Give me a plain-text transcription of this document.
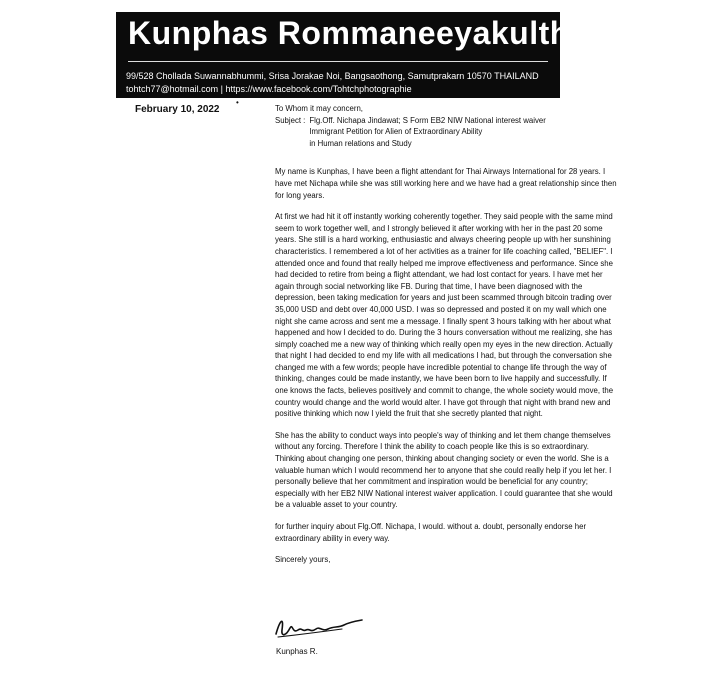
Kunphas Rommaneeyakulthanes
99/528 Chollada Suwannabhummi, Srisa Jorakae Noi, Bangsaothong, Samutprakarn 10570 THAILAND
tohtch77@hotmail.com | https://www.facebook.com/Tohtchphotographie
February 10, 2022
•

To Whom it may concern,

Subject : Flg.Off. Nichapa Jindawat; S Form EB2 NIW National interest waiver
Immigrant Petition for Alien of Extraordinary Ability
in Human relations and Study

My name is Kunphas, I have been a flight attendant for Thai Airways International for 28 years. I have met Nichapa while she was still working here and we have had a great relationship since then for long years.

At first we had hit it off instantly working coherently together. They said people with the same mind seem to work together well, and I strongly believed it after working with her in the past 20 some years. She still is a hard working, enthusiastic and always cheering people up with her sunshining characteristics. I remembered a lot of her activities as a trainer for life coaching called, "BELIEF". I attended once and found that really helped me improve effectiveness and performance. Since she had decided to retire from being a flight attendant, we had lost contact for years. I have met her again through social networking like FB. During that time, I have been diagnosed with the depression, been taking medication for years and just been scammed through bitcoin trading over 35,000 USD and debt over 40,000 USD. I was so depressed and posted it on my wall which one night she came across and sent me a message. I finally spent 3 hours talking with her about what happened and how I decided to do. During the 3 hours conversation without me realizing, she has simply coached me a new way of thinking which really open my eyes in the new direction. Actually that night I had decided to end my life with all medications I had, but through the conversation she changed me with a few words; people have incredible potential to change life through the way of thinking, changes could be made instantly, we have been born to live happily and successfully. If one knows the facts, believes positively and commit to change, the whole society would move, the country would change and the world would alter. I have got through that night with brand new and positive thinking which now I yield the fruit that she secretly planted that night.

She has the ability to conduct ways into people's way of thinking and let them change themselves without any forcing. Therefore I think the ability to coach people like this is so extraordinary. Thinking about changing one person, thinking about changing society or even the world. She is a valuable human which I would recommend her to anyone that she could really help if you let her. I personally believe that her commitment and inspiration would be beneficial for any country; especially with her EB2 NIW National interest waiver application. I could guarantee that she would be a valuable asset to your country.

for further inquiry about Flg.Off. Nichapa, I would. without a. doubt, personally endorse her extraordinary ability in every way.

Sincerely yours,

Kunphas R.
